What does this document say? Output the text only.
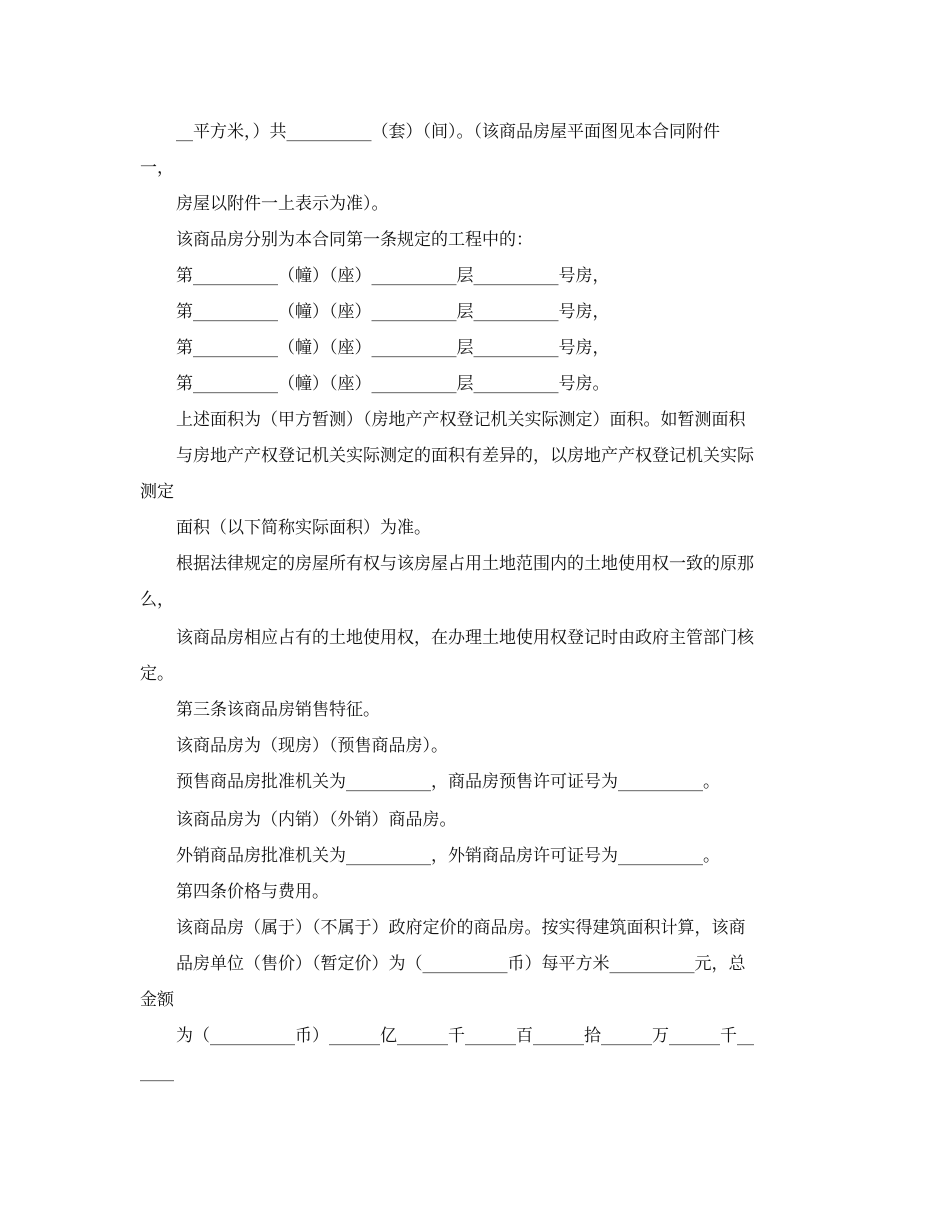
__平方米，）共__________（套）（间）。（该商品房屋平面图见本合同附件

一，

房屋以附件一上表示为准）。

该商品房分别为本合同第一条规定的工程中的：

第__________（幢）（座）__________层__________号房，

第__________（幢）（座）__________层__________号房，

第__________（幢）（座）__________层__________号房，

第__________（幢）（座）__________层__________号房。

上述面积为（甲方暂测）（房地产产权登记机关实际测定）面积。如暂测面积

与房地产产权登记机关实际测定的面积有差异的，以房地产产权登记机关实际

测定

面积（以下简称实际面积）为准。

根据法律规定的房屋所有权与该房屋占用土地范围内的土地使用权一致的原那

么，

该商品房相应占有的土地使用权，在办理土地使用权登记时由政府主管部门核

定。

第三条该商品房销售特征。

该商品房为（现房）（预售商品房）。

预售商品房批准机关为__________，商品房预售许可证号为__________。

该商品房为（内销）（外销）商品房。

外销商品房批准机关为__________，外销商品房许可证号为__________。

第四条价格与费用。

该商品房（属于）（不属于）政府定价的商品房。按实得建筑面积计算，该商

品房单位（售价）（暂定价）为（__________币）每平方米__________元，总

金额

为（__________币）______亿______千______百______拾______万______千__

____
